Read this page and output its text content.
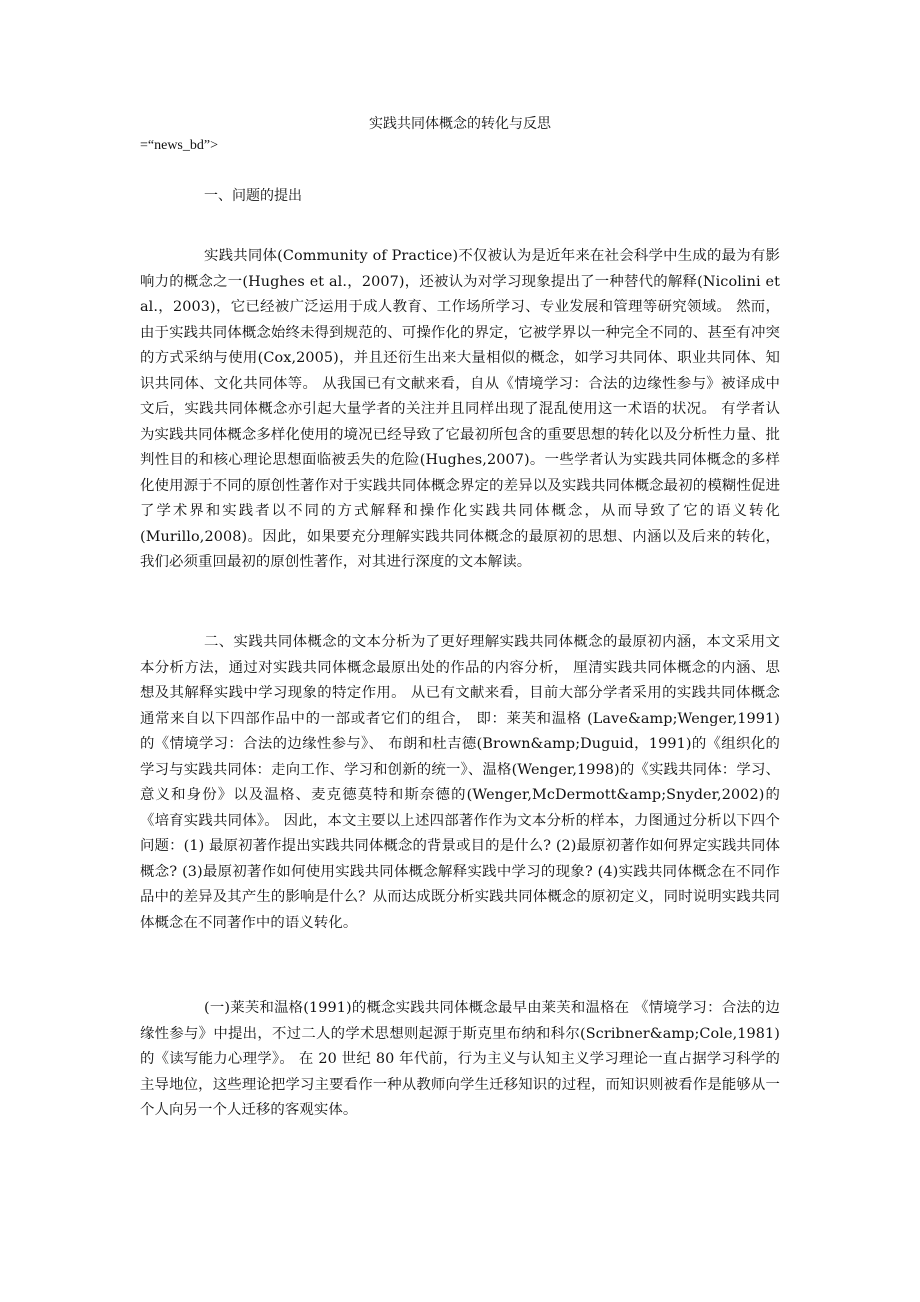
实践共同体概念的转化与反思
=“news_bd”>
一、问题的提出

实践共同体(Community of Practice)不仅被认为是近年来在社会科学中生成的最为有影响力的概念之一(Hughes et al.，2007)，还被认为对学习现象提出了一种替代的解释(Nicolini et al.，2003)，它已经被广泛运用于成人教育、工作场所学习、专业发展和管理等研究领域。 然而，由于实践共同体概念始终未得到规范的、可操作化的界定，它被学界以一种完全不同的、甚至有冲突的方式采纳与使用(Cox,2005)，并且还衍生出来大量相似的概念，如学习共同体、职业共同体、知识共同体、文化共同体等。 从我国已有文献来看，自从《情境学习：合法的边缘性参与》被译成中文后，实践共同体概念亦引起大量学者的关注并且同样出现了混乱使用这一术语的状况。 有学者认为实践共同体概念多样化使用的境况已经导致了它最初所包含的重要思想的转化以及分析性力量、批判性目的和核心理论思想面临被丢失的危险(Hughes,2007)。一些学者认为实践共同体概念的多样化使用源于不同的原创性著作对于实践共同体概念界定的差异以及实践共同体概念最初的模糊性促进了学术界和实践者以不同的方式解释和操作化实践共同体概念，从而导致了它的语义转化(Murillo,2008)。因此，如果要充分理解实践共同体概念的最原初的思想、内涵以及后来的转化，我们必须重回最初的原创性著作，对其进行深度的文本解读。

二、实践共同体概念的文本分析为了更好理解实践共同体概念的最原初内涵，本文采用文本分析方法，通过对实践共同体概念最原出处的作品的内容分析， 厘清实践共同体概念的内涵、思想及其解释实践中学习现象的特定作用。 从已有文献来看，目前大部分学者采用的实践共同体概念通常来自以下四部作品中的一部或者它们的组合， 即：莱芙和温格 (Lave&amp;Wenger,1991) 的《情境学习：合法的边缘性参与》、 布朗和杜吉德(Brown&amp;Duguid，1991)的《组织化的学习与实践共同体：走向工作、学习和创新的统一》、温格(Wenger,1998)的《实践共同体：学习、意义和身份》以及温格、麦克德莫特和斯奈德的(Wenger,McDermott&amp;Snyder,2002)的《培育实践共同体》。 因此，本文主要以上述四部著作作为文本分析的样本，力图通过分析以下四个问题：(1) 最原初著作提出实践共同体概念的背景或目的是什么? (2)最原初著作如何界定实践共同体概念? (3)最原初著作如何使用实践共同体概念解释实践中学习的现象? (4)实践共同体概念在不同作品中的差异及其产生的影响是什么？从而达成既分析实践共同体概念的原初定义，同时说明实践共同体概念在不同著作中的语义转化。

(一)莱芙和温格(1991)的概念实践共同体概念最早由莱芙和温格在 《情境学习：合法的边缘性参与》中提出，不过二人的学术思想则起源于斯克里布纳和科尔(Scribner&amp;Cole,1981)的《读写能力心理学》。 在 20 世纪 80 年代前，行为主义与认知主义学习理论一直占据学习科学的主导地位，这些理论把学习主要看作一种从教师向学生迁移知识的过程，而知识则被看作是能够从一个人向另一个人迁移的客观实体。
